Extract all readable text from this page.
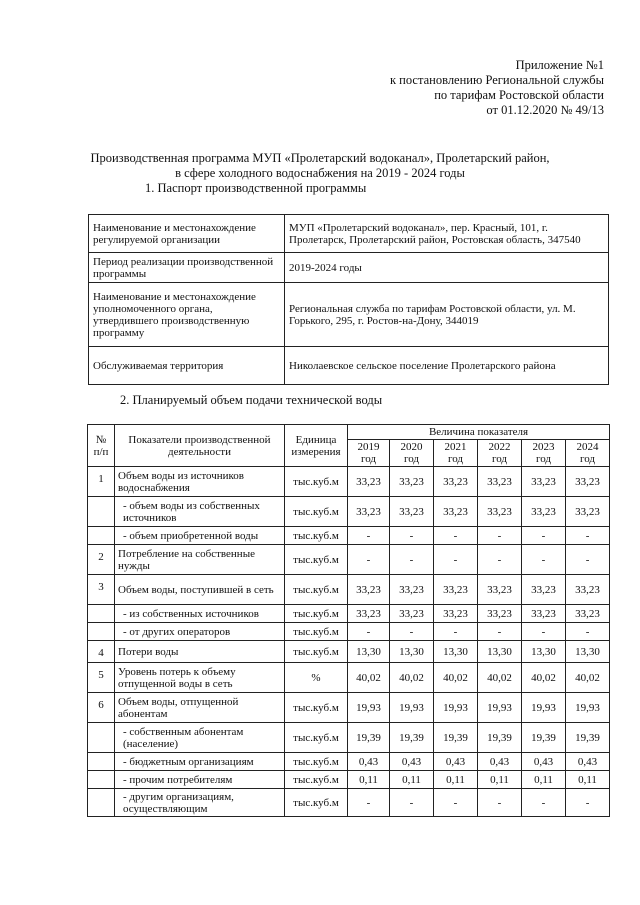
Приложение №1
к постановлению Региональной службы
по тарифам Ростовской области
от 01.12.2020 № 49/13
Производственная программа МУП «Пролетарский водоканал», Пролетарский район,
в сфере холодного водоснабжения на 2019 - 2024 годы
1. Паспорт производственной программы
Наименование и местонахождение регулируемой организации	МУП «Пролетарский водоканал», пер. Красный, 101, г. Пролетарск, Пролетарский район, Ростовская область, 347540
Период реализации производственной программы	2019-2024 годы
Наименование и местонахождение уполномоченного органа, утвердившего производственную программу	Региональная служба по тарифам Ростовской области, ул. М. Горького, 295, г. Ростов-на-Дону, 344019
Обслуживаемая территория	Николаевское сельское поселение Пролетарского района
2. Планируемый объем подачи технической воды
№ п/п	Показатели производственной деятельности	Единица измерения	Величина показателя					
			2019 год	2020 год	2021 год	2022 год	2023 год	2024 год
1	Объем воды из источников водоснабжения	тыс.куб.м	33,23	33,23	33,23	33,23	33,23	33,23
	- объем воды из собственных источников	тыс.куб.м	33,23	33,23	33,23	33,23	33,23	33,23
	- объем приобретенной воды	тыс.куб.м	-	-	-	-	-	-
2	Потребление на собственные нужды	тыс.куб.м	-	-	-	-	-	-
3	Объем воды, поступившей в сеть	тыс.куб.м	33,23	33,23	33,23	33,23	33,23	33,23
	- из собственных источников	тыс.куб.м	33,23	33,23	33,23	33,23	33,23	33,23
	- от других операторов	тыс.куб.м	-	-	-	-	-	-
4	Потери воды	тыс.куб.м	13,30	13,30	13,30	13,30	13,30	13,30
5	Уровень потерь к объему отпущенной воды в сеть	%	40,02	40,02	40,02	40,02	40,02	40,02
6	Объем воды, отпущенной абонентам	тыс.куб.м	19,93	19,93	19,93	19,93	19,93	19,93
	- собственным абонентам (население)	тыс.куб.м	19,39	19,39	19,39	19,39	19,39	19,39
	- бюджетным организациям	тыс.куб.м	0,43	0,43	0,43	0,43	0,43	0,43
	- прочим потребителям	тыс.куб.м	0,11	0,11	0,11	0,11	0,11	0,11
	- другим организациям, осуществляющим	тыс.куб.м	-	-	-	-	-	-
